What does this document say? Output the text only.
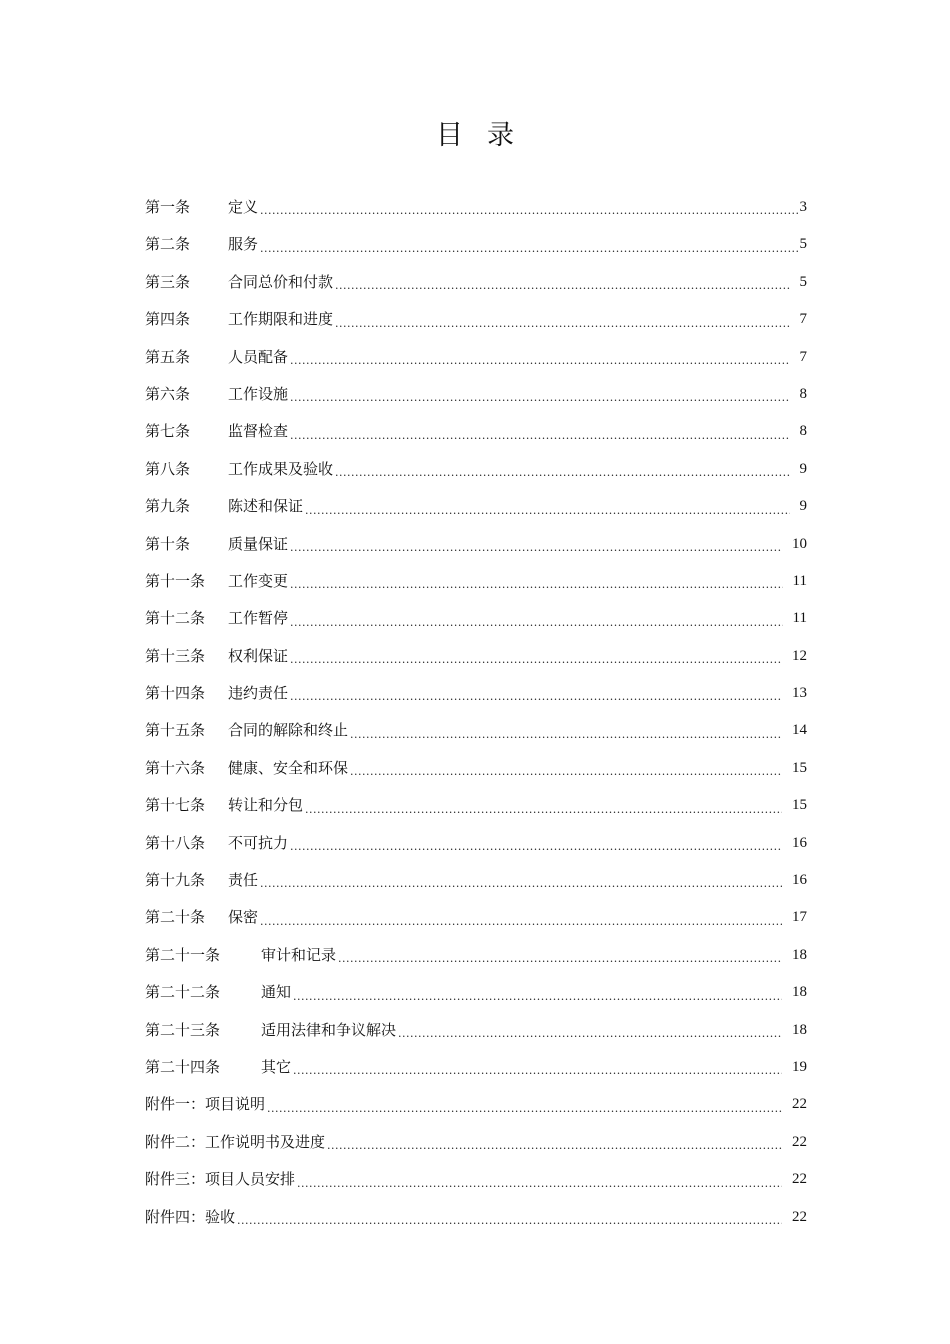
目 录
第一条	定义 .....	3
第二条	服务 .....	5
第三条	合同总价和付款 .....	5
第四条	工作期限和进度 .....	7
第五条	人员配备 .....	7
第六条	工作设施 .....	8
第七条	监督检查 .....	8
第八条	工作成果及验收 .....	9
第九条	陈述和保证 .....	9
第十条	质量保证 .....	10
第十一条	工作变更 .....	11
第十二条	工作暂停 .....	11
第十三条	权利保证 .....	12
第十四条	违约责任 .....	13
第十五条	合同的解除和终止 .....	14
第十六条	健康、安全和环保 .....	15
第十七条	转让和分包 .....	15
第十八条	不可抗力 .....	16
第十九条	责任 .....	16
第二十条	保密 .....	17
第二十一条	审计和记录 .....	18
第二十二条	通知 .....	18
第二十三条	适用法律和争议解决 .....	18
第二十四条	其它 .....	19
附件一： 项目说明 .....	22
附件二： 工作说明书及进度 .....	22
附件三： 项目人员安排 .....	22
附件四： 验收 .....	22
